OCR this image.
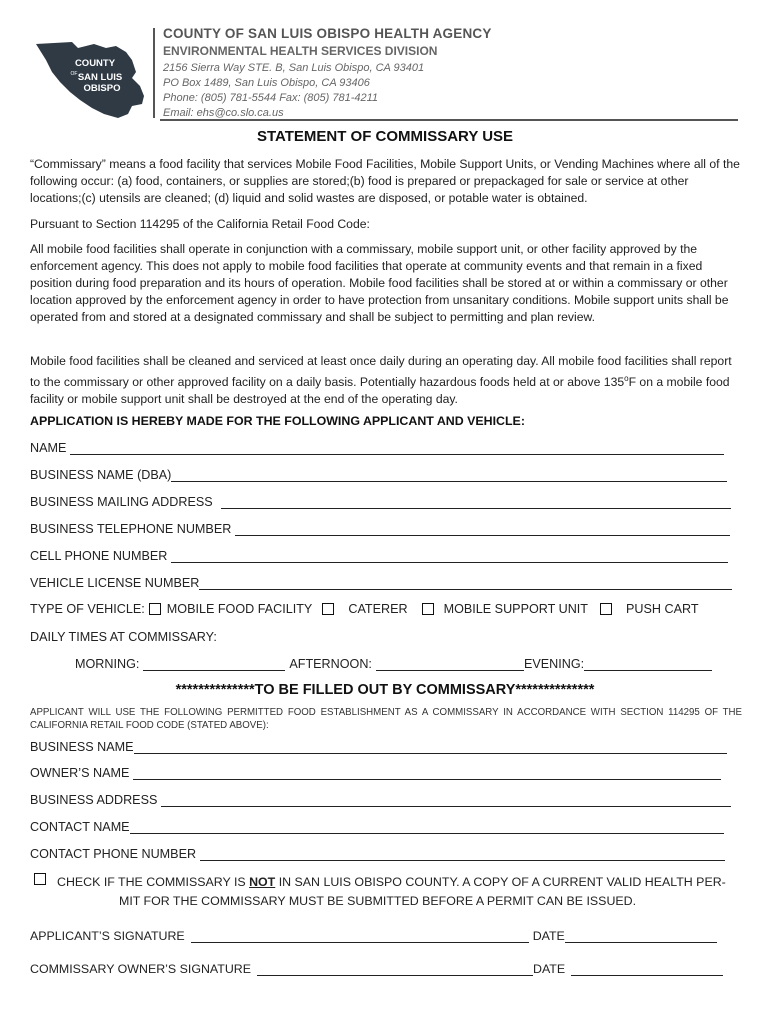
COUNTY
OF SAN LUIS
OBISPO
COUNTY OF SAN LUIS OBISPO HEALTH AGENCY
ENVIRONMENTAL HEALTH SERVICES DIVISION
2156 Sierra Way STE. B, San Luis Obispo, CA 93401
PO Box 1489, San Luis Obispo, CA 93406
Phone: (805) 781-5544 Fax: (805) 781-4211
Email: ehs@co.slo.ca.us
STATEMENT OF COMMISSARY USE
“Commissary” means a food facility that services Mobile Food Facilities, Mobile Support Units, or Vending Machines where all of the following occur: (a) food, containers, or supplies are stored;(b) food is prepared or prepackaged for sale or service at other locations;(c) utensils are cleaned; (d) liquid and solid wastes are disposed, or potable water is obtained.
Pursuant to Section 114295 of the California Retail Food Code:
All mobile food facilities shall operate in conjunction with a commissary, mobile support unit, or other facility approved by the enforcement agency. This does not apply to mobile food facilities that operate at community events and that remain in a fixed position during food preparation and its hours of operation. Mobile food facilities shall be stored at or within a commissary or other location approved by the enforcement agency in order to have protection from unsanitary conditions. Mobile support units shall be operated from and stored at a designated commissary and shall be subject to permitting and plan review.
Mobile food facilities shall be cleaned and serviced at least once daily during an operating day. All mobile food facilities shall report to the commissary or other approved facility on a daily basis. Potentially hazardous foods held at or above 135$^o$F on a mobile food facility or mobile support unit shall be destroyed at the end of the operating day.
APPLICATION IS HEREBY MADE FOR THE FOLLOWING APPLICANT AND VEHICLE:
NAME
BUSINESS NAME (DBA)
BUSINESS MAILING ADDRESS
BUSINESS TELEPHONE NUMBER
CELL PHONE NUMBER
VEHICLE LICENSE NUMBER
TYPE OF VEHICLE: MOBILE FOOD FACILITY	CATERER	MOBILE SUPPORT UNIT	PUSH CART
DAILY TIMES AT COMMISSARY:
MORNING:	AFTERNOON:	EVENING:
**************TO BE FILLED OUT BY COMMISSARY**************
APPLICANT WILL USE THE FOLLOWING PERMITTED FOOD ESTABLISHMENT AS A COMMISSARY IN ACCORDANCE WITH SECTION 114295 OF THE CALIFORNIA RETAIL FOOD CODE (STATED ABOVE):
BUSINESS NAME
OWNER’S NAME
BUSINESS ADDRESS
CONTACT NAME
CONTACT PHONE NUMBER
CHECK IF THE COMMISSARY IS NOT IN SAN LUIS OBISPO COUNTY. A COPY OF A CURRENT VALID HEALTH PER-
MIT FOR THE COMMISSARY MUST BE SUBMITTED BEFORE A PERMIT CAN BE ISSUED.
APPLICANT’S SIGNATURE	DATE
COMMISSARY OWNER’S SIGNATURE	DATE
